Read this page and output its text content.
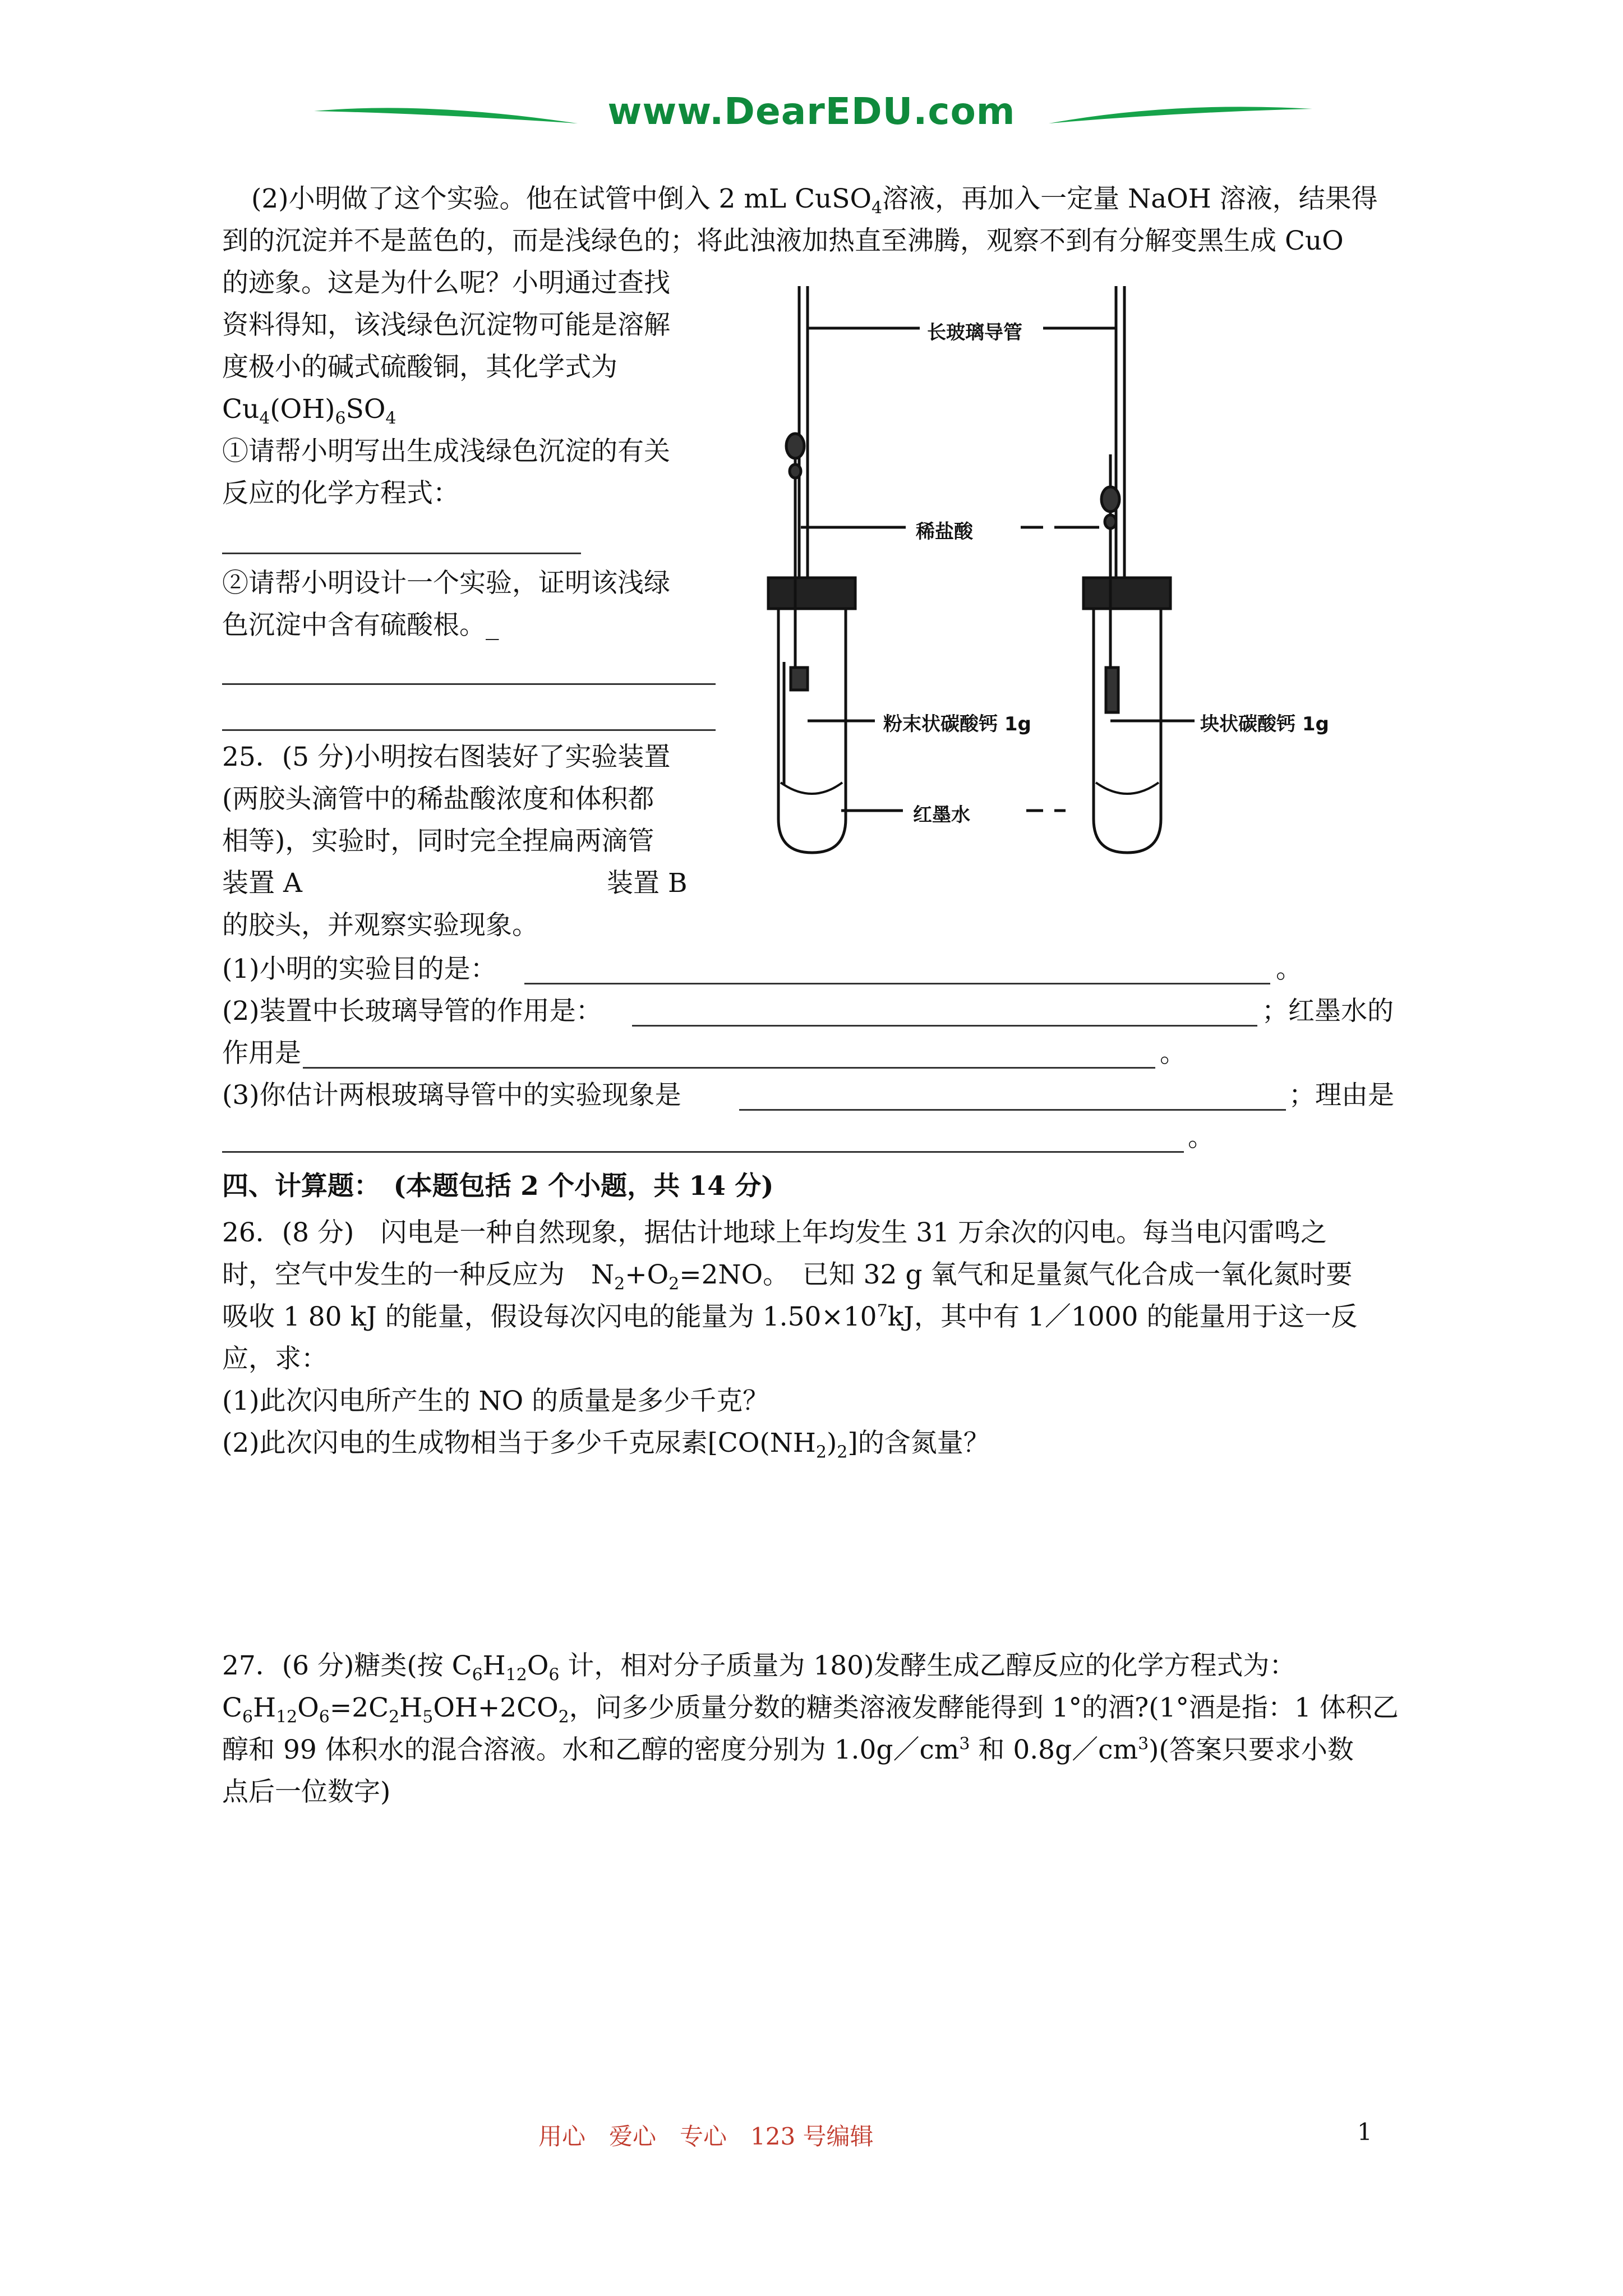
www.DearEDU.com
(2)小明做了这个实验。他在试管中倒入 2 mL CuSO$_4$溶液，再加入一定量 NaOH 溶液，结果得
到的沉淀并不是蓝色的，而是浅绿色的；将此浊液加热直至沸腾，观察不到有分解变黑生成 CuO
的迹象。这是为什么呢？小明通过查找
资料得知，该浅绿色沉淀物可能是溶解
度极小的碱式硫酸铜，其化学式为
$Cu_4(OH)_6SO_4$
①请帮小明写出生成浅绿色沉淀的有关
反应的化学方程式：
②请帮小明设计一个实验，证明该浅绿
色沉淀中含有硫酸根。_
25．(5 分)小明按右图装好了实验装置
(两胶头滴管中的稀盐酸浓度和体积都
相等)，实验时，同时完全捏扁两滴管
装置 A	装置 B
的胶头，并观察实验现象。
(1)小明的实验目的是：	。
(2)装置中长玻璃导管的作用是：	；红墨水的
作用是	。
(3)你估计两根玻璃导管中的实验现象是	；理由是
。
长玻璃导管
稀盐酸
粉末状碳酸钙 1g	块状碳酸钙 1g
红墨水
四、计算题：　(本题包括 2 个小题，共 14 分)
26．(8 分)　闪电是一种自然现象，据估计地球上年均发生 31 万余次的闪电。每当电闪雷鸣之
时，空气中发生的一种反应为　$N_2+O_2=2NO$。　已知 32 g 氧气和足量氮气化合成一氧化氮时要
吸收 1 80 kJ 的能量，假设每次闪电的能量为 $1.50\times 10^7kJ$，其中有 1／1000 的能量用于这一反
应，求：
(1)此次闪电所产生的 NO 的质量是多少千克？
(2)此次闪电的生成物相当于多少千克尿素$[CO(NH_2)_2]$的含氮量？
27．(6 分)糖类(按 $C_6H_{12}O_6$ 计，相对分子质量为 180)发酵生成乙醇反应的化学方程式为：
$C_6H_{12}O_6=2C_2H_5OH+2CO_2$，问多少质量分数的糖类溶液发酵能得到 1°的酒?(1°酒是指：1 体积乙
醇和 99 体积水的混合溶液。水和乙醇的密度分别为 $1.0g/cm^3$ 和 $0.8g/cm^3$)(答案只要求小数
点后一位数字)
用心　爱心　专心　123 号编辑	1
